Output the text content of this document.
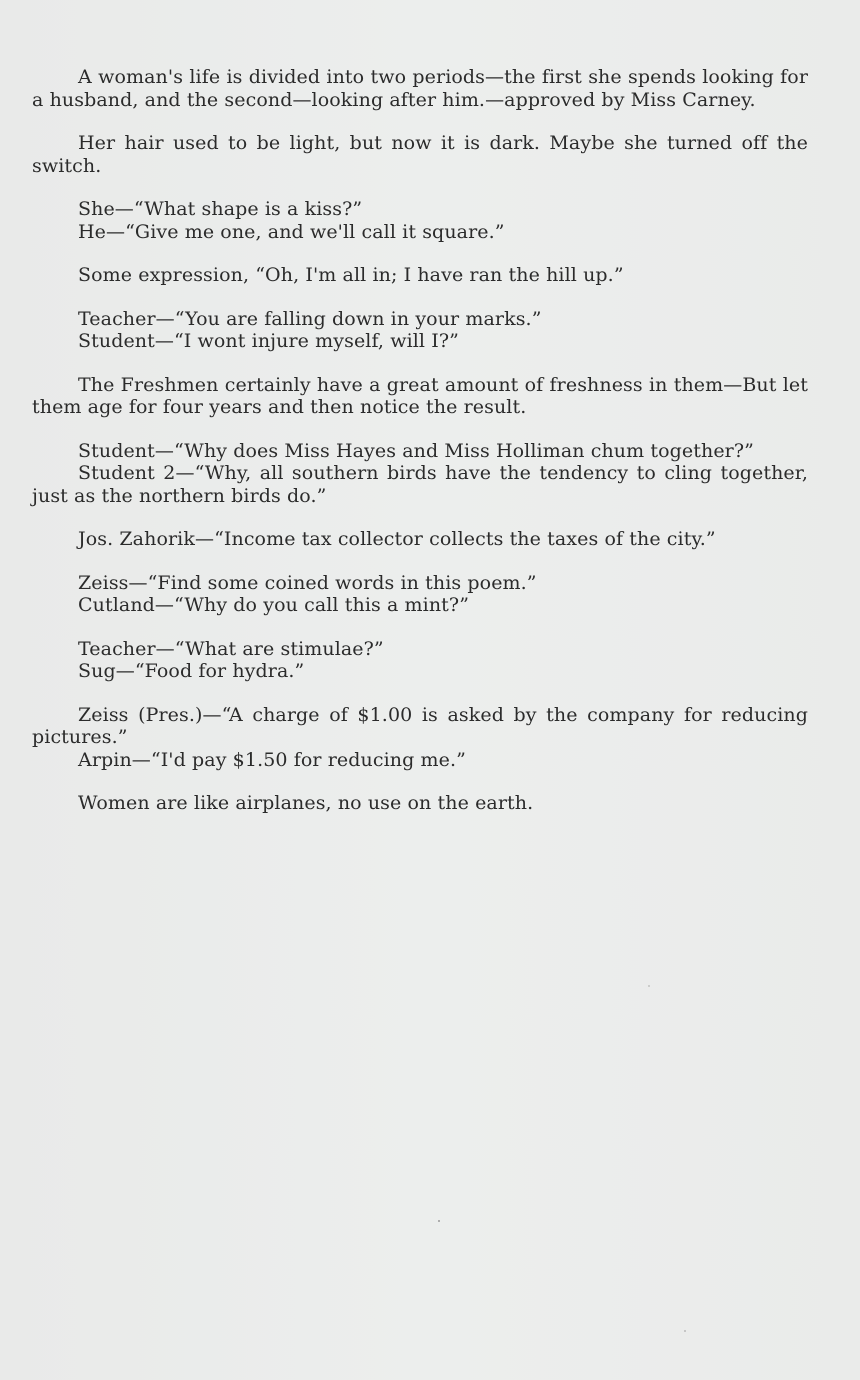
A woman's life is divided into two periods—the first she spends looking for a husband, and the second—looking after him.—approved by Miss Carney.

Her hair used to be light, but now it is dark. Maybe she turned off the switch.

She—“What shape is a kiss?”
He—“Give me one, and we'll call it square.”

Some expression, “Oh, I'm all in; I have ran the hill up.”

Teacher—“You are falling down in your marks.”
Student—“I wont injure myself, will I?”

The Freshmen certainly have a great amount of freshness in them—But let them age for four years and then notice the result.

Student—“Why does Miss Hayes and Miss Holliman chum together?”
Student 2—“Why, all southern birds have the tendency to cling together, just as the northern birds do.”

Jos. Zahorik—“Income tax collector collects the taxes of the city.”

Zeiss—“Find some coined words in this poem.”
Cutland—“Why do you call this a mint?”

Teacher—“What are stimulae?”
Sug—“Food for hydra.”

Zeiss (Pres.)—“A charge of $1.00 is asked by the company for reducing pictures.”
Arpin—“I'd pay $1.50 for reducing me.”

Women are like airplanes, no use on the earth.
